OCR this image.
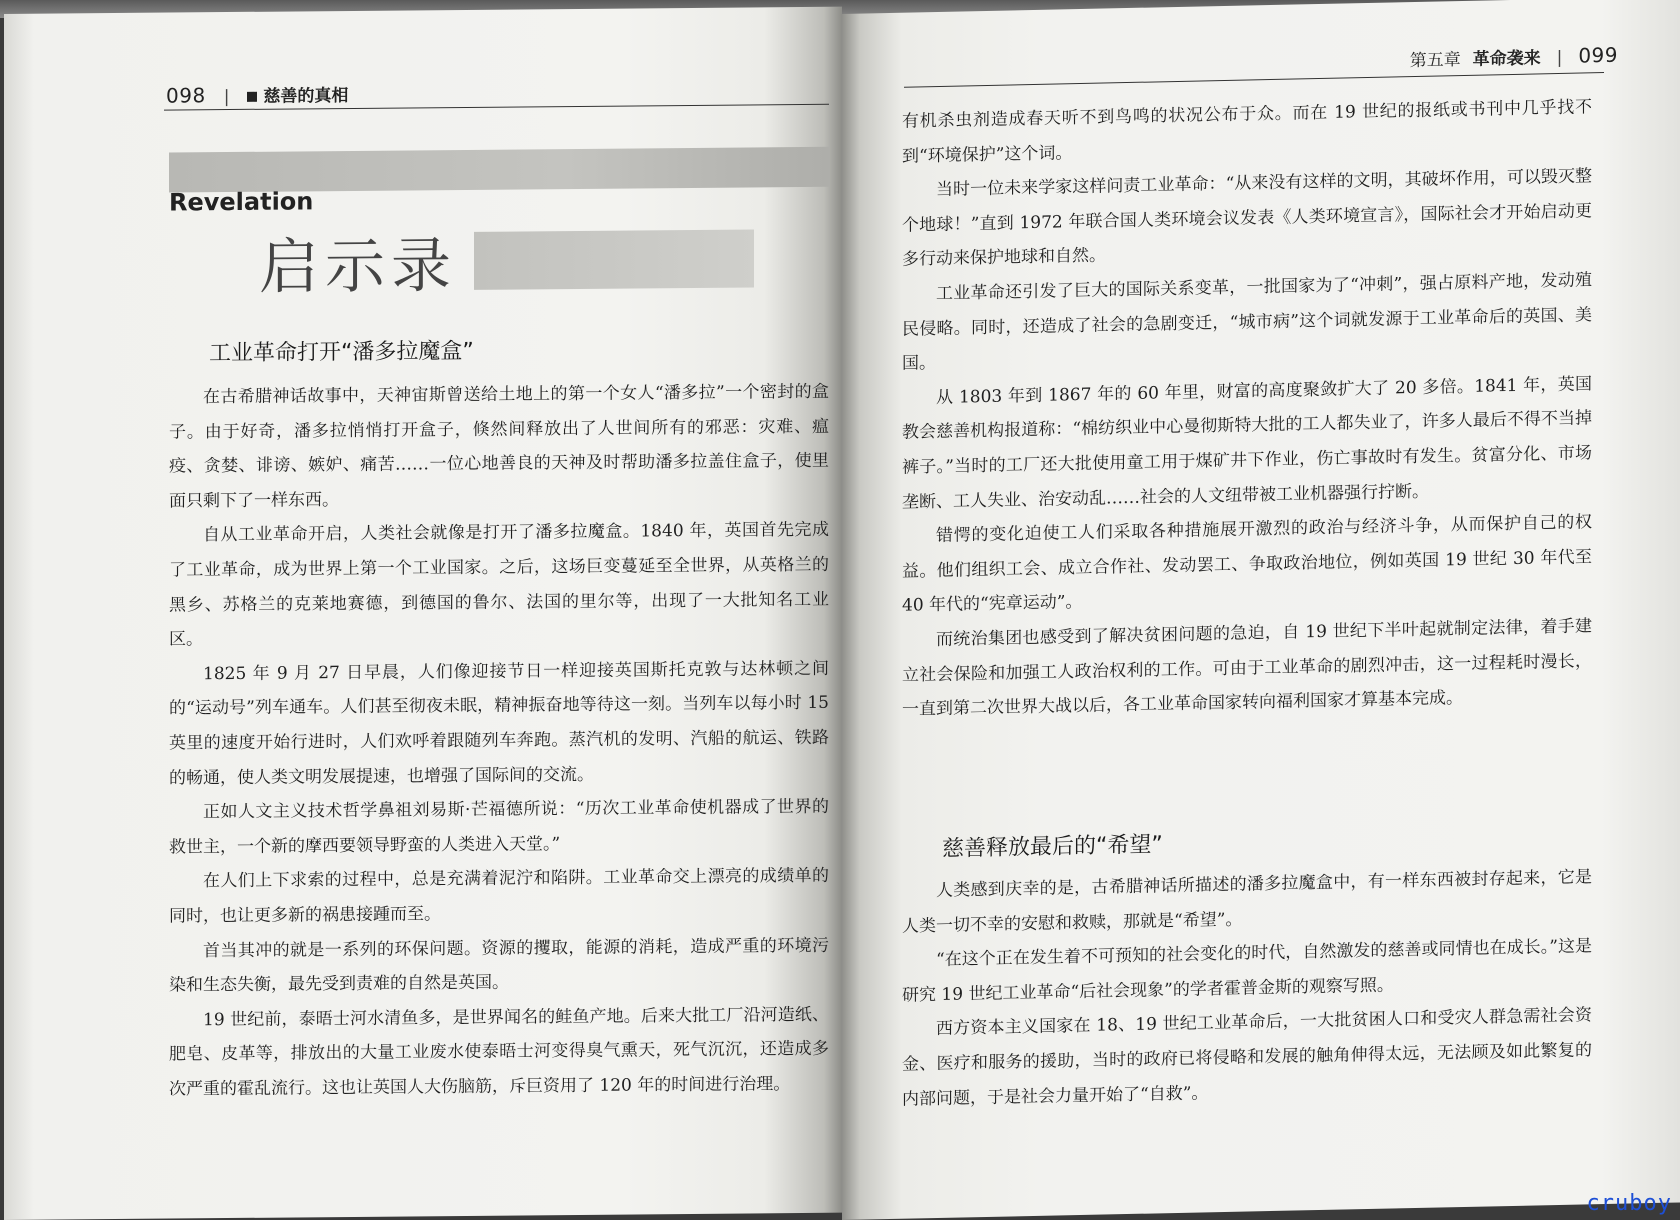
098 |	慈善的真相
Revelation
启示录
工业革命打开“潘多拉魔盒”

在古希腊神话故事中，天神宙斯曾送给土地上的第一个女人“潘多拉”一个密封的盒子。由于好奇，潘多拉悄悄打开盒子，倏然间释放出了人世间所有的邪恶：灾难、瘟疫、贪婪、诽谤、嫉妒、痛苦……一位心地善良的天神及时帮助潘多拉盖住盒子，使里面只剩下了一样东西。

自从工业革命开启，人类社会就像是打开了潘多拉魔盒。1840 年，英国首先完成了工业革命，成为世界上第一个工业国家。之后，这场巨变蔓延至全世界，从英格兰的黑乡、苏格兰的克莱地赛德，到德国的鲁尔、法国的里尔等，出现了一大批知名工业区。

1825 年 9 月 27 日早晨，人们像迎接节日一样迎接英国斯托克敦与达林顿之间的“运动号”列车通车。人们甚至彻夜未眠，精神振奋地等待这一刻。当列车以每小时 15 英里的速度开始行进时，人们欢呼着跟随列车奔跑。蒸汽机的发明、汽船的航运、铁路的畅通，使人类文明发展提速，也增强了国际间的交流。

正如人文主义技术哲学鼻祖刘易斯·芒福德所说：“历次工业革命使机器成了世界的救世主，一个新的摩西要领导野蛮的人类进入天堂。”

在人们上下求索的过程中，总是充满着泥泞和陷阱。工业革命交上漂亮的成绩单的同时，也让更多新的祸患接踵而至。

首当其冲的就是一系列的环保问题。资源的攫取，能源的消耗，造成严重的环境污染和生态失衡，最先受到责难的自然是英国。

19 世纪前，泰晤士河水清鱼多，是世界闻名的鲑鱼产地。后来大批工厂沿河造纸、肥皂、皮革等，排放出的大量工业废水使泰晤士河变得臭气熏天，死气沉沉，还造成多次严重的霍乱流行。这也让英国人大伤脑筋，斥巨资用了 120 年的时间进行治理。

第五章 革命袭来 | 099

有机杀虫剂造成春天听不到鸟鸣的状况公布于众。而在 19 世纪的报纸或书刊中几乎找不到“环境保护”这个词。

当时一位未来学家这样问责工业革命：“从来没有这样的文明，其破坏作用，可以毁灭整个地球！”直到 1972 年联合国人类环境会议发表《人类环境宣言》，国际社会才开始启动更多行动来保护地球和自然。

工业革命还引发了巨大的国际关系变革，一批国家为了“冲刺”，强占原料产地，发动殖民侵略。同时，还造成了社会的急剧变迁，“城市病”这个词就发源于工业革命后的英国、美国。

从 1803 年到 1867 年的 60 年里，财富的高度聚敛扩大了 20 多倍。1841 年，英国教会慈善机构报道称：“棉纺织业中心曼彻斯特大批的工人都失业了，许多人最后不得不当掉裤子。”当时的工厂还大批使用童工用于煤矿井下作业，伤亡事故时有发生。贫富分化、市场垄断、工人失业、治安动乱……社会的人文纽带被工业机器强行拧断。

错愕的变化迫使工人们采取各种措施展开激烈的政治与经济斗争，从而保护自己的权益。他们组织工会、成立合作社、发动罢工、争取政治地位，例如英国 19 世纪 30 年代至 40 年代的“宪章运动”。

而统治集团也感受到了解决贫困问题的急迫，自 19 世纪下半叶起就制定法律，着手建立社会保险和加强工人政治权利的工作。可由于工业革命的剧烈冲击，这一过程耗时漫长，一直到第二次世界大战以后，各工业革命国家转向福利国家才算基本完成。

慈善释放最后的“希望”

人类感到庆幸的是，古希腊神话所描述的潘多拉魔盒中，有一样东西被封存起来，它是人类一切不幸的安慰和救赎，那就是“希望”。

“在这个正在发生着不可预知的社会变化的时代，自然激发的慈善或同情也在成长。”这是研究 19 世纪工业革命“后社会现象”的学者霍普金斯的观察写照。

西方资本主义国家在 18、19 世纪工业革命后，一大批贫困人口和受灾人群急需社会资金、医疗和服务的援助，当时的政府已将侵略和发展的触角伸得太远，无法顾及如此繁复的内部问题，于是社会力量开始了“自救”。

cruboy
